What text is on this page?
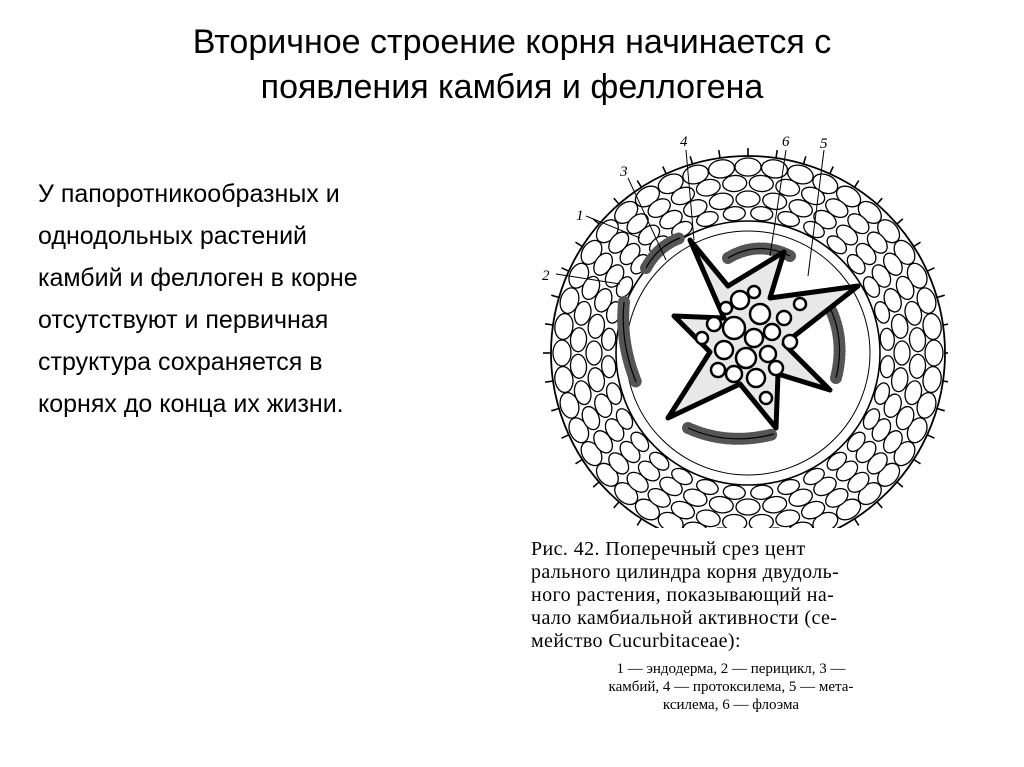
Вторичное строение корня начинается с
появления камбия и феллогена
У папоротникообразных и
однодольных растений
камбий и феллоген в корне
отсутствуют и первичная
структура сохраняется в
корнях до конца их жизни.
1
2
3
4	5
6
Рис. 42. Поперечный срез цент
рального цилиндра корня двудоль-
ного растения, показывающий на-
чало камбиальной активности (се-
мейство Cucurbitaceae):
1 — эндодерма, 2 — перицикл, 3 —
камбий, 4 — протоксилема, 5 — мета-
ксилема, 6 — флоэма
